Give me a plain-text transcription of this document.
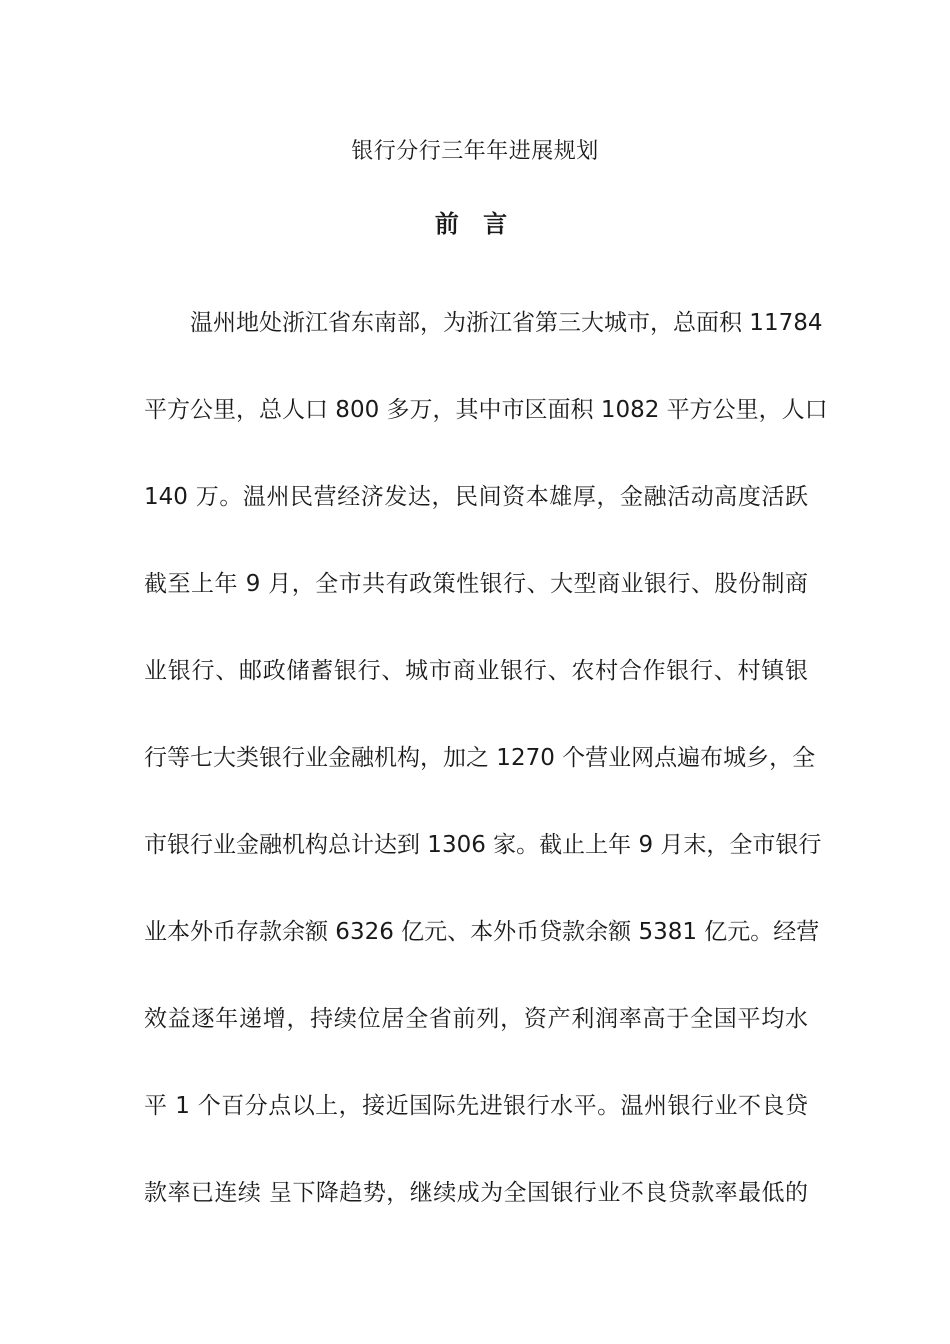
银行分行三年年进展规划
前 言
温州地处浙江省东南部，为浙江省第三大城市，总面积 11784
平方公里，总人口 800 多万，其中市区面积 1082 平方公里，人口
140 万。温州民营经济发达，民间资本雄厚，金融活动高度活跃
截至上年 9 月，全市共有政策性银行、大型商业银行、股份制商
业银行、邮政储蓄银行、城市商业银行、农村合作银行、村镇银
行等七大类银行业金融机构，加之 1270 个营业网点遍布城乡，全
市银行业金融机构总计达到 1306 家。截止上年 9 月末，全市银行
业本外币存款余额 6326 亿元、本外币贷款余额 5381 亿元。经营
效益逐年递增，持续位居全省前列，资产利润率高于全国平均水
平 1 个百分点以上，接近国际先进银行水平。温州银行业不良贷
款率已连续 呈下降趋势，继续成为全国银行业不良贷款率最低的
